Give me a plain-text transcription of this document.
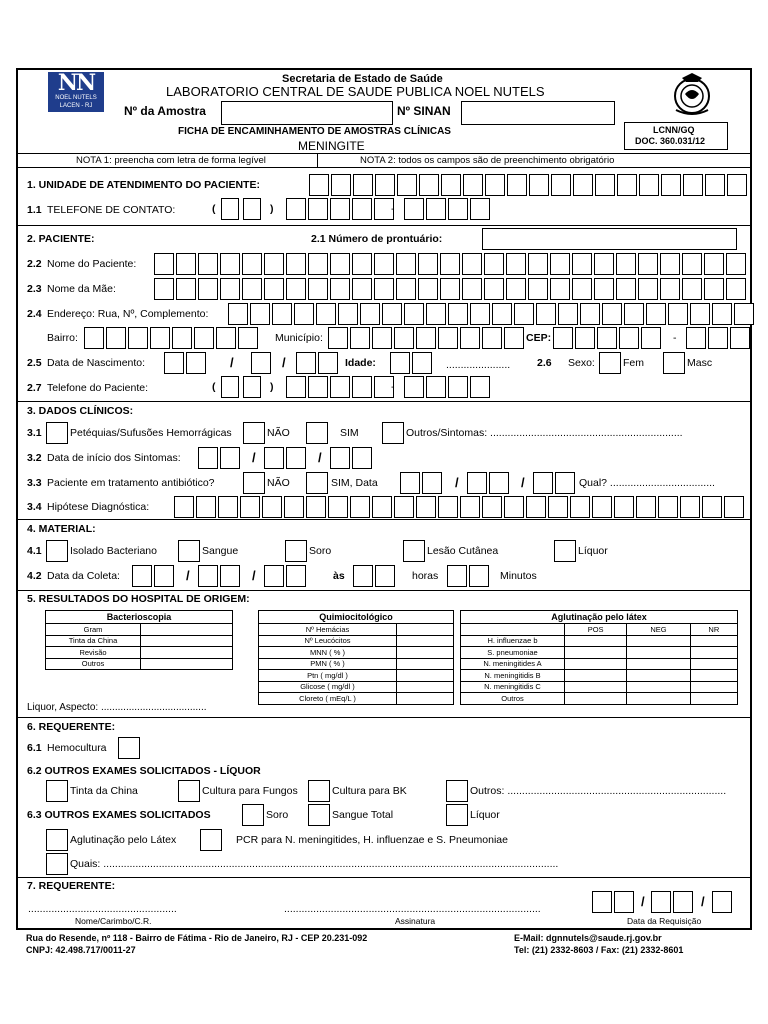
NN
NOEL NUTELS
LACEN - RJ
Secretaria de Estado de Saúde
LABORATORIO CENTRAL DE SAUDE PUBLICA NOEL NUTELS
Nº da Amostra	Nº SINAN
FICHA DE ENCAMINHAMENTO DE AMOSTRAS CLÍNICAS
MENINGITE
LCNN/GQ
DOC. 360.031/12
NOTA 1: preencha com letra de forma legível	NOTA 2: todos os campos são de preenchimento obrigatório
1. UNIDADE DE ATENDIMENTO DO PACIENTE:
1.1 TELEFONE DE CONTATO:	(	)	-
2. PACIENTE:	2.1 Número de prontuário:
2.2 Nome do Paciente:
2.3 Nome da Mãe:
2.4 Endereço: Rua, Nº, Complemento:
Bairro:	Município:	CEP:	-
2.5 Data de Nascimento:	/	/	Idade:	......................	2.6 Sexo:	Fem	Masc
2.7 Telefone do Paciente:	(	)	-
3. DADOS CLÍNICOS:
3.1	Petéquias/Sufusões Hemorrágicas	NÃO	SIM	Outros/Sintomas: ..................................................................
3.2 Data de início dos Sintomas:	/	/
3.3 Paciente em tratamento antibiótico?	NÃO	SIM, Data	/	/	Qual? ....................................
3.4 Hipótese Diagnóstica:
4. MATERIAL:
4.1	Isolado Bacteriano	Sangue	Soro	Lesão Cutânea	Líquor
4.2 Data da Coleta:	/	/	às	horas	Minutos
5. RESULTADOS DO HOSPITAL DE ORIGEM:
Bacterioscopia	
Gram	
Tinta da China	
Revisão	
Outros	
Quimiocitológico	
Nº Hemácias	
Nº Leucócitos	
MNN ( % )	
PMN ( % )	
Ptn ( mg/dl )	
Glicose ( mg/dl )	
Cloreto ( mEq/L )	
Aglutinação pelo látex			
	POS	NEG	NR
H. influenzae b			
S. pneumoniae			
N. meningitides A			
N. meningitidis B			
N. meningitidis C			
Outros			
Liquor, Aspecto: ......................................
6. REQUERENTE:
6.1 Hemocultura
6.2 OUTROS EXAMES SOLICITADOS - LÍQUOR
Tinta da China	Cultura para Fungos	Cultura para BK	Outros: ...........................................................................
6.3 OUTROS EXAMES SOLICITADOS	Soro	Sangue Total	Líquor
Aglutinação pelo Látex	PCR para N. meningitides, H. influenzae e S. Pneumoniae
Quais: ............................................................................................................................................................
7. REQUERENTE:
...................................................	........................................................................................	/	/
Nome/Carimbo/C.R.	Assinatura	Data da Requisição
Rua do Resende, nº 118 - Bairro de Fátima - Rio de Janeiro, RJ - CEP 20.231-092
CNPJ: 42.498.717/0011-27
E-Mail: dgnnutels@saude.rj.gov.br
Tel: (21) 2332-8603 / Fax: (21) 2332-8601
